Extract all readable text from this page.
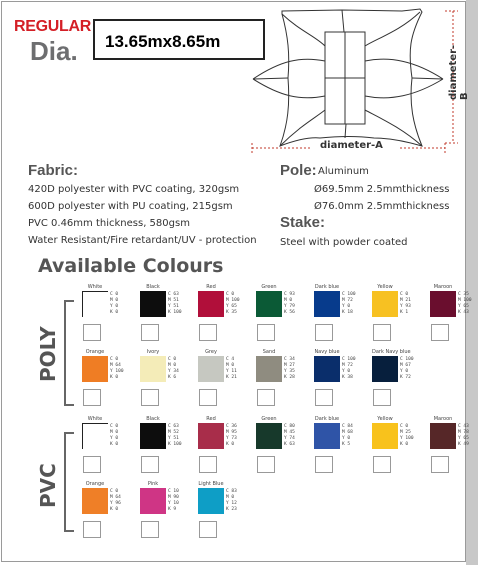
REGULAR
Dia. 13.65mx8.65m
diameter-A
diameter-B
Fabric:
420D polyester with PVC coating, 320gsm
600D polyester with PU coating, 215gsm
PVC 0.46mm thickness, 580gsm
Water Resistant/Fire retardant/UV - protection
Pole: Aluminum
Ø69.5mm 2.5mmthickness
Ø76.0mm 2.5mmthickness
Stake:
Steel with powder coated
Available Colours
POLY
White
C 0
M 0
Y 0
K 0
Black
C 63
M 51
Y 51
K 100
Red
C 0
M 100
Y 65
K 35
Green
C 93
M 0
Y 79
K 56
Dark blue
C 100
M 72
Y 0
K 18
Yellow
C 0
M 21
Y 93
K 1
Maroon
C 35
M 100
Y 65
K 43
Orange
C 0
M 64
Y 100
K 0
Ivory
C 0
M 0
Y 34
K 6
Grey
C 4
M 0
Y 11
K 21
Sand
C 34
M 27
Y 35
K 28
Navy blue
C 100
M 72
Y 0
K 38
Dark Navy blue
C 100
M 67
Y 0
K 72
PVC
White
C 0
M 0
Y 0
K 0
Black
C 63
M 52
Y 51
K 100
Red
C 36
M 95
Y 73
K 0
Green
C 80
M 45
Y 74
K 63
Dark blue
C 84
M 68
Y 0
K 5
Yellow
C 0
M 25
Y 100
K 0
Maroon
C 43
M 78
Y 65
K 49
Orange
C 0
M 64
Y 96
K 0
Pink
C 10
M 90
Y 10
K 9
Light Blue
C 83
M 0
Y 12
K 23
